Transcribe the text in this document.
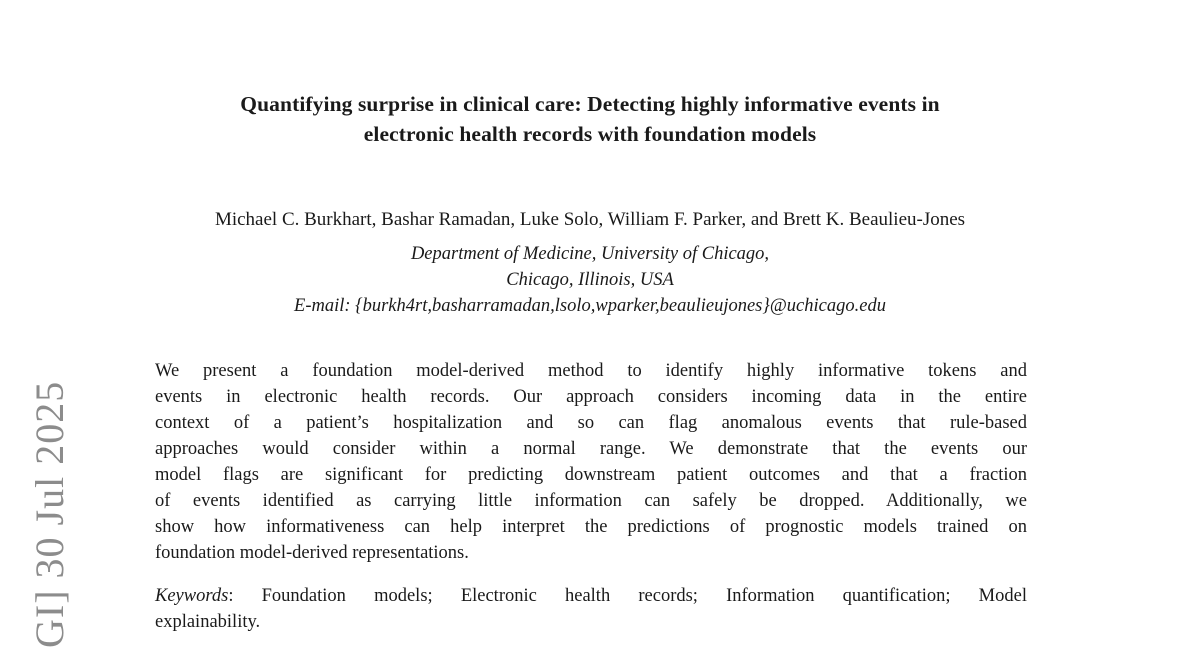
Quantifying surprise in clinical care: Detecting highly informative events in
electronic health records with foundation models
Michael C. Burkhart, Bashar Ramadan, Luke Solo, William F. Parker, and Brett K. Beaulieu-Jones
Department of Medicine, University of Chicago,
Chicago, Illinois, USA
E-mail: {burkh4rt,basharramadan,lsolo,wparker,beaulieujones}@uchicago.edu
We present a foundation model-derived method to identify highly informative tokens and
events in electronic health records. Our approach considers incoming data in the entire
context of a patient’s hospitalization and so can flag anomalous events that rule-based
approaches would consider within a normal range. We demonstrate that the events our
model flags are significant for predicting downstream patient outcomes and that a fraction
of events identified as carrying little information can safely be dropped. Additionally, we
show how informativeness can help interpret the predictions of prognostic models trained on
foundation model-derived representations.
Keywords: Foundation models; Electronic health records; Information quantification; Model
explainability.
GI] 30 Jul 2025
